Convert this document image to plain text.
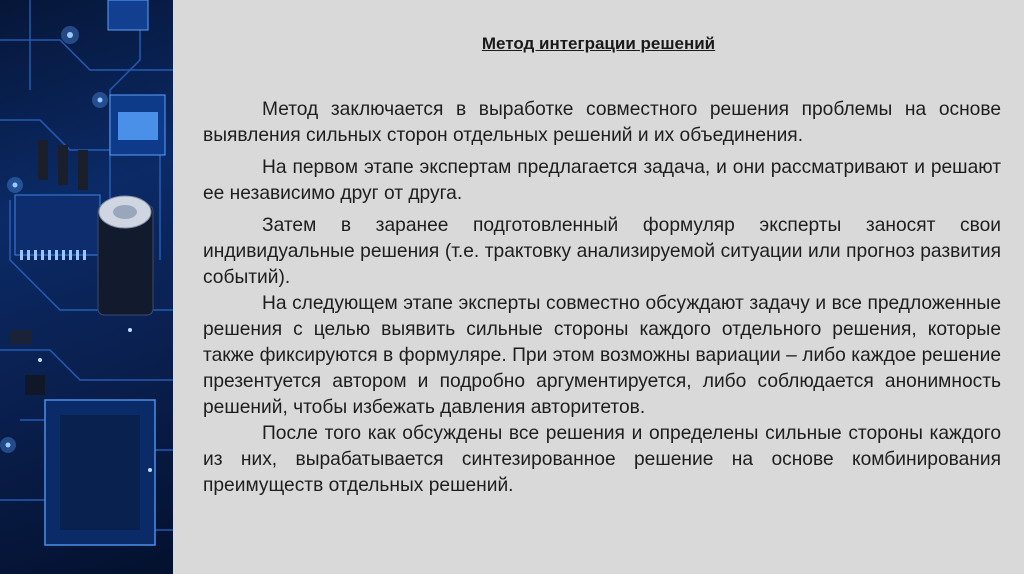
Метод интеграции решений

Метод заключается в выработке совместного решения проблемы на основе выявления сильных сторон отдельных решений и их объединения.

На первом этапе экспертам предлагается задача, и они рассматривают и решают ее независимо друг от друга.

Затем в заранее подготовленный формуляр эксперты заносят свои индивидуальные решения (т.е. трактовку анализируемой ситуации или прогноз развития событий).

На следующем этапе эксперты совместно обсуждают задачу и все предложенные решения с целью выявить сильные стороны каждого отдельного решения, которые также фиксируются в формуляре. При этом возможны вариации – либо каждое решение презентуется автором и подробно аргументируется, либо соблюдается анонимность решений, чтобы избежать давления авторитетов.

После того как обсуждены все решения и определены сильные стороны каждого из них, вырабатывается синтезированное решение на основе комбинирования преимуществ отдельных решений.
